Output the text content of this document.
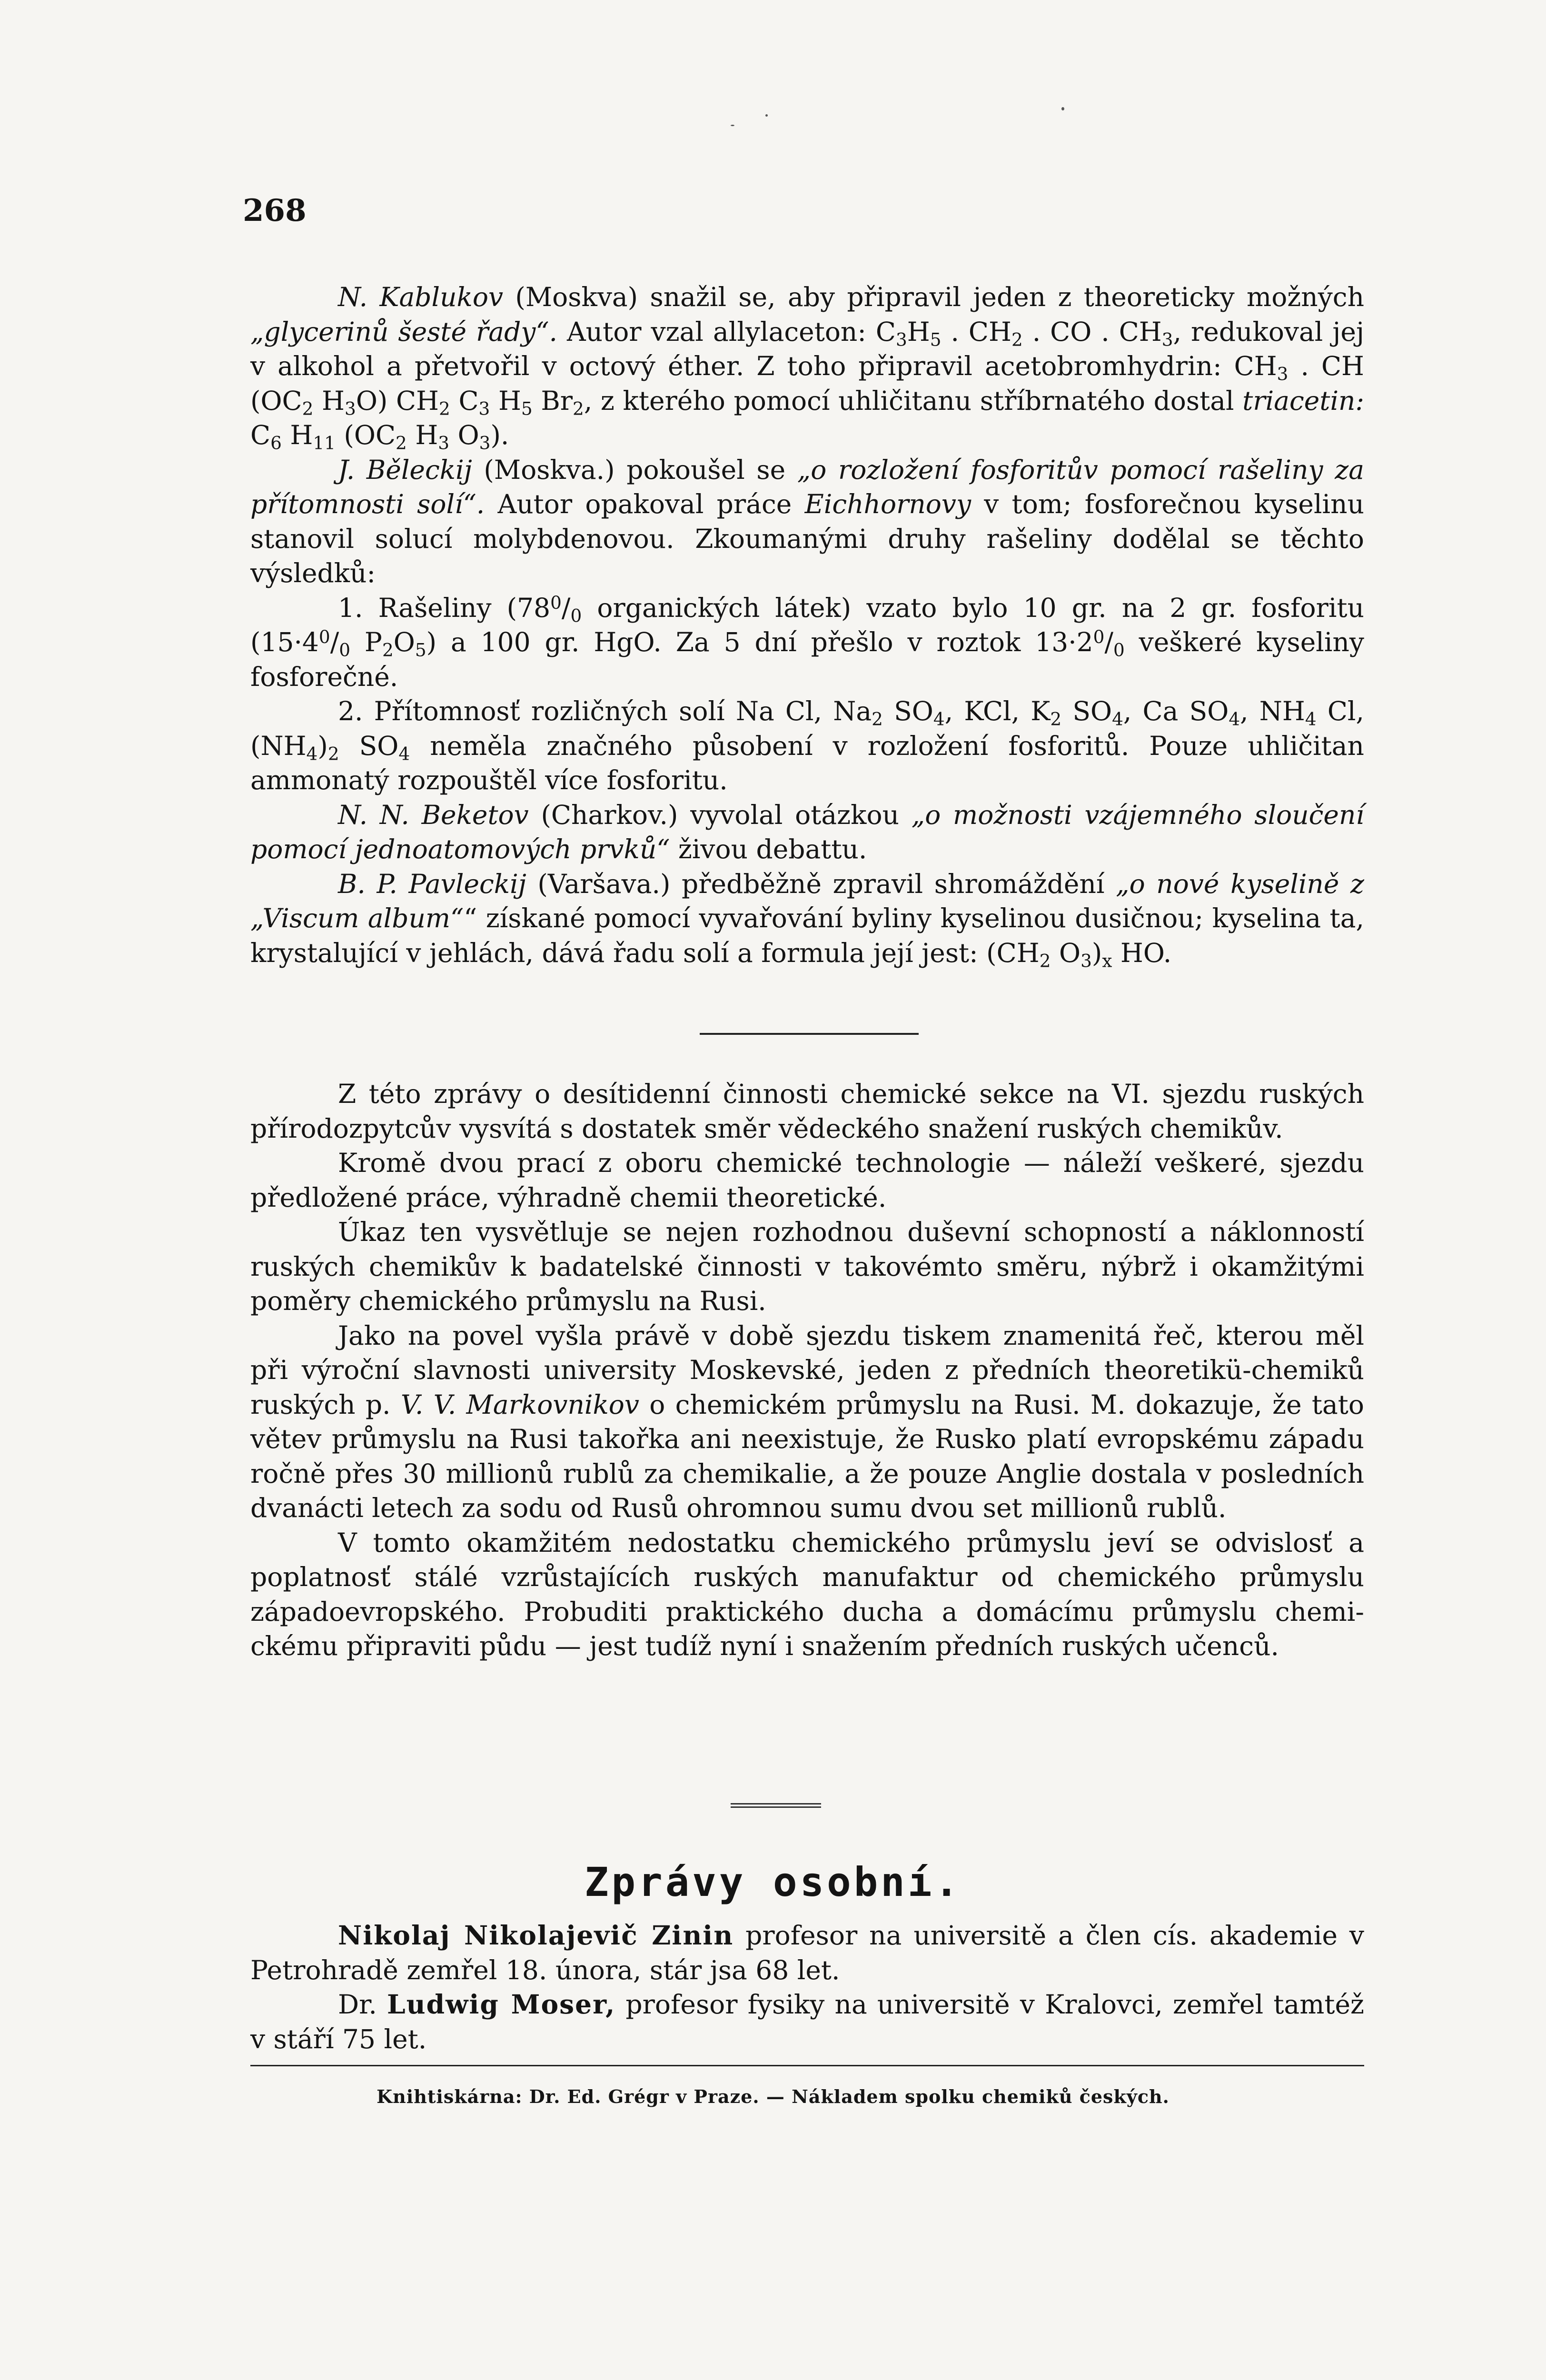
268

N. Kablukov (Moskva) snažil se, aby připravil jeden z theoreticky možných „glycerinů šesté řady“. Autor vzal allylaceton: $C_3H_5$ . $CH_2$ . CO . $CH_3$, redukoval jej v alkohol a přetvořil v octový éther. Z toho připravil acetobromhydrin: $CH_3$ . CH ($OC_2$ $H_3O$) $CH_2$ $C_3$ $H_5$ $Br_2$, z kterého pomocí uhličitanu stříbrnatého dostal triacetin: $C_6$ $H_{11}$ ($OC_2$ $H_3$ $O_3$).

J. Běleckij (Moskva.) pokoušel se „o rozložení fosforitův pomocí rašeliny za přítomnosti solí“. Autor opakoval práce Eichhornovy v tom; fosforečnou kyselinu stanovil solucí molybdenovou. Zkoumanými druhy rašeliny dodělal se těchto výsledků:

1. Rašeliny ($78^0/_0$ organických látek) vzato bylo 10 gr. na 2 gr. fosforitu ($15\cdot 4^0/_0$ $P_2O_5$) a 100 gr. HgO. Za 5 dní přešlo v roztok $13\cdot 2^0/_0$ veškeré kyseliny fosforečné.

2. Přítomnosť rozličných solí Na Cl, $Na_2$ $SO_4$, KCl, $K_2$ $SO_4$, Ca $SO_4$, $NH_4$ Cl, $(NH_4)_2$ $SO_4$ neměla značného působení v rozložení fosforitů. Pouze uhličitan ammonatý rozpouštěl více fosforitu.

N. N. Beketov (Charkov.) vyvolal otázkou „o možnosti vzájemného sloučení pomocí jednoatomových prvků“ živou debattu.

B. P. Pavleckij (Varšava.) předběžně zpravil shromáždění „o nové kyselině z „Viscum album““ získané pomocí vyvařování byliny kyselinou dusičnou; kyselina ta, krystalující v jehlách, dává řadu solí a formula její jest: ($CH_2$ $O_3)_x$ HO.

Z této zprávy o desítidenní činnosti chemické sekce na VI. sjezdu ruských přírodozpytcův vysvítá s dostatek směr vědeckého snažení ruských chemikův.

Kromě dvou prací z oboru chemické technologie — náleží veškeré, sjezdu předložené práce, výhradně chemii theoretické.

Úkaz ten vysvětluje se nejen rozhodnou duševní schopností a náklonností ruských chemikův k badatelské činnosti v takovémto směru, nýbrž i okamžitými poměry chemického průmyslu na Rusi.

Jako na povel vyšla právě v době sjezdu tiskem znamenitá řeč, kterou měl při výroční slavnosti university Moskevské, jeden z předních theoretikü-chemiků ruských p. V. V. Markovnikov o chemickém průmyslu na Rusi. M. dokazuje, že tato větev průmyslu na Rusi takořka ani neexistuje, že Rusko platí evropskému západu ročně přes 30 millionů rublů za chemikalie, a že pouze Anglie dostala v posledních dvanácti letech za sodu od Rusů ohromnou sumu dvou set millionů rublů.

V tomto okamžitém nedostatku chemického průmyslu jeví se odvislosť a poplatnosť stálé vzrůstajících ruských manufaktur od chemického průmyslu západoevropského. Probuditi praktického ducha a domácímu průmyslu chemickému připraviti půdu — jest tudíž nyní i snažením předních ruských učenců.

Zprávy osobní.

Nikolaj Nikolajevič Zinin profesor na universitě a člen cís. akademie v Petrohradě zemřel 18. února, stár jsa 68 let.

Dr. Ludwig Moser, profesor fysiky na universitě v Kralovci, zemřel tamtéž v stáří 75 let.

Knihtiskárna: Dr. Ed. Grégr v Praze. — Nákladem spolku chemiků českých.
